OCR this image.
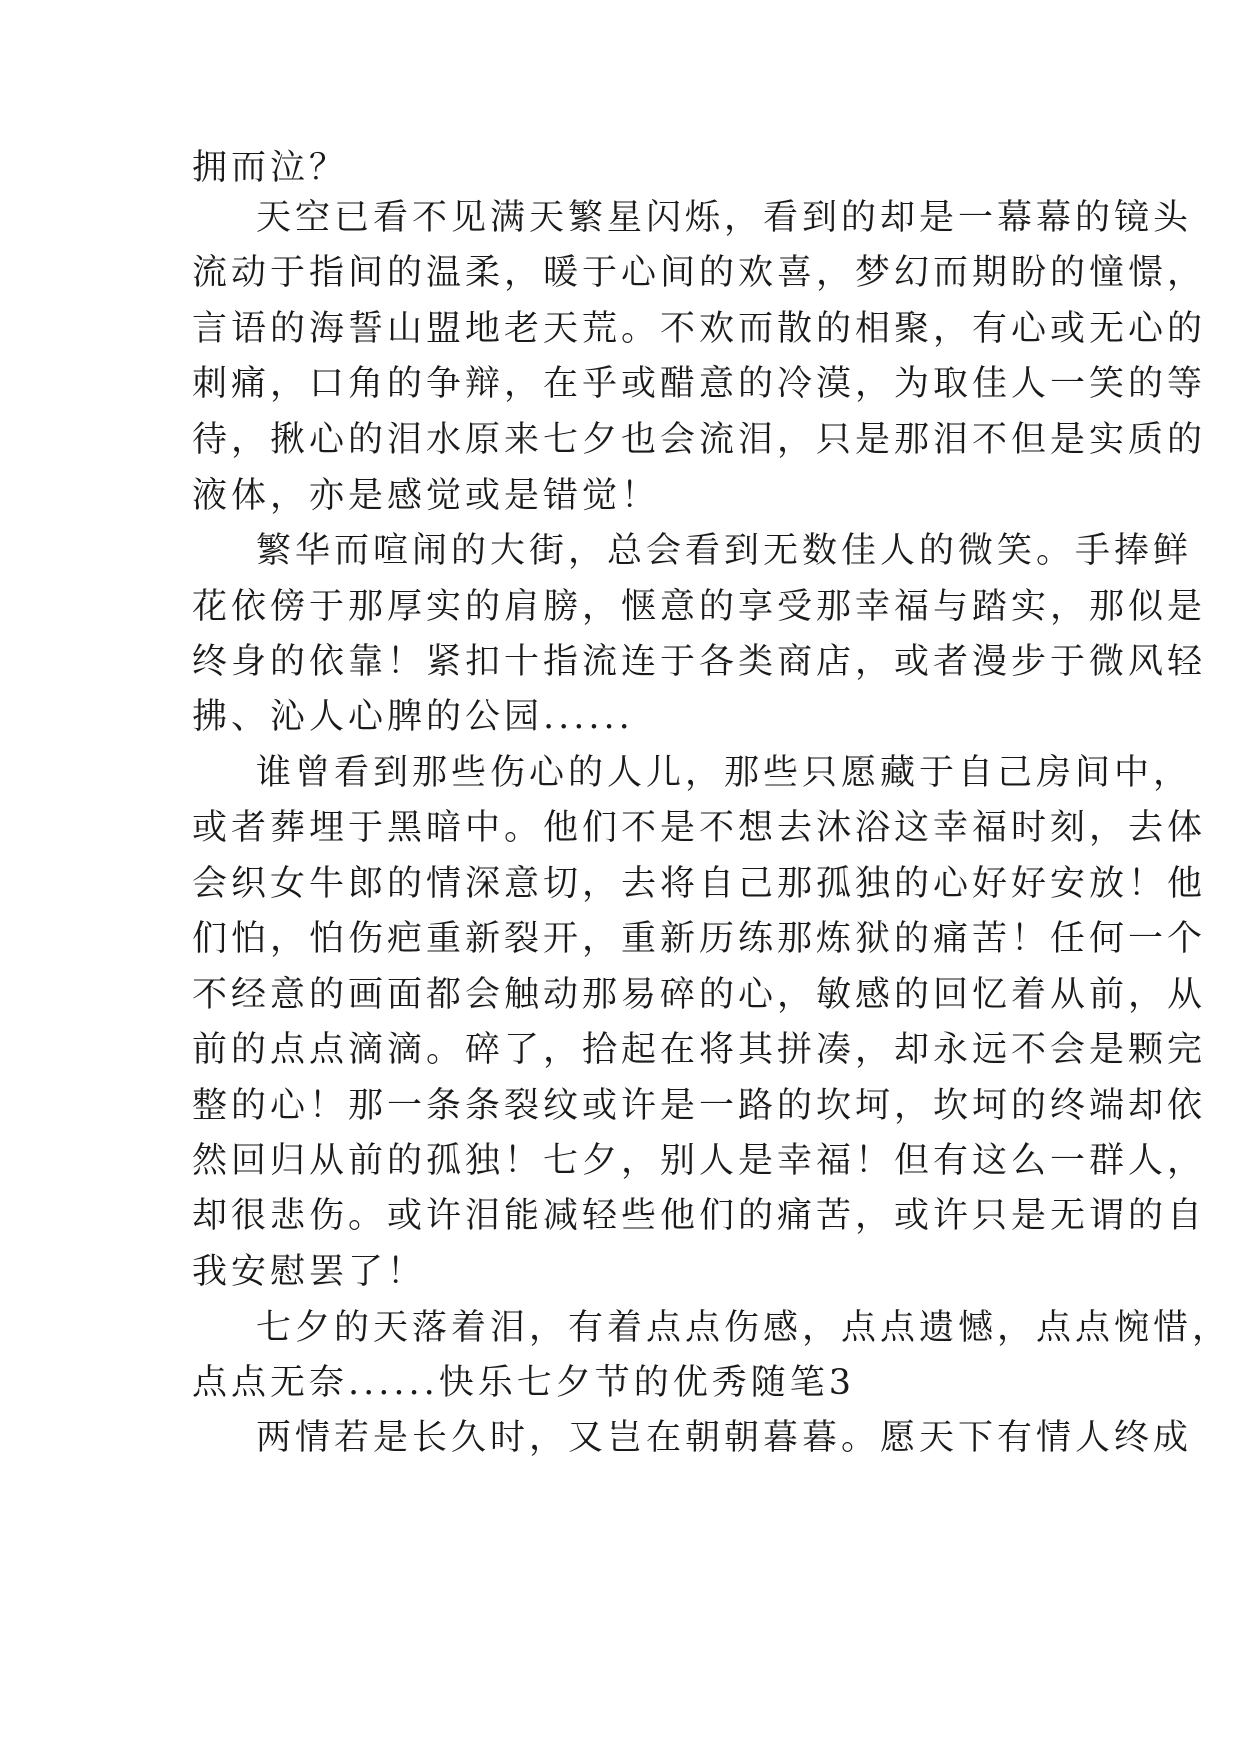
拥而泣？
天空已看不见满天繁星闪烁，看到的却是一幕幕的镜头
流动于指间的温柔，暖于心间的欢喜，梦幻而期盼的憧憬，
言语的海誓山盟地老天荒。不欢而散的相聚，有心或无心的
刺痛，口角的争辩，在乎或醋意的冷漠，为取佳人一笑的等
待，揪心的泪水原来七夕也会流泪，只是那泪不但是实质的
液体，亦是感觉或是错觉！
繁华而喧闹的大街，总会看到无数佳人的微笑。手捧鲜
花依傍于那厚实的肩膀，惬意的享受那幸福与踏实，那似是
终身的依靠！紧扣十指流连于各类商店，或者漫步于微风轻
拂、沁人心脾的公园......
谁曾看到那些伤心的人儿，那些只愿藏于自己房间中，
或者葬埋于黑暗中。他们不是不想去沐浴这幸福时刻，去体
会织女牛郎的情深意切，去将自己那孤独的心好好安放！他
们怕，怕伤疤重新裂开，重新历练那炼狱的痛苦！任何一个
不经意的画面都会触动那易碎的心，敏感的回忆着从前，从
前的点点滴滴。碎了，拾起在将其拼凑，却永远不会是颗完
整的心！那一条条裂纹或许是一路的坎坷，坎坷的终端却依
然回归从前的孤独！七夕，别人是幸福！但有这么一群人，
却很悲伤。或许泪能减轻些他们的痛苦，或许只是无谓的自
我安慰罢了！
七夕的天落着泪，有着点点伤感，点点遗憾，点点惋惜，
点点无奈......快乐七夕节的优秀随笔3
两情若是长久时，又岂在朝朝暮暮。愿天下有情人终成
